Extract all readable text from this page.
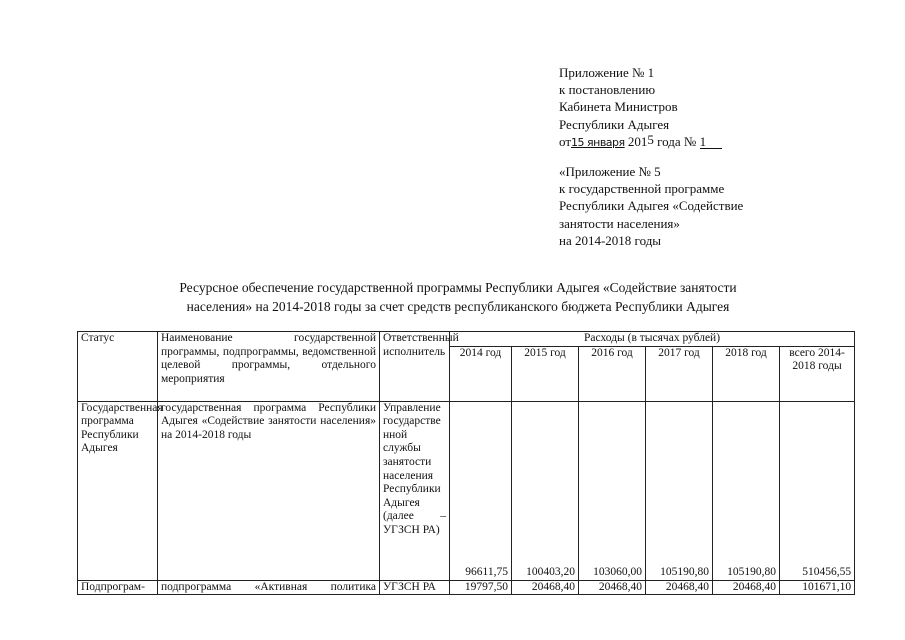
Приложение № 1
к постановлению
Кабинета Министров
Республики Адыгея
от15 января 2015 года № 1
«Приложение № 5
к государственной программе
Республики Адыгея «Содействие
занятости населения»
на 2014-2018 годы
Ресурсное обеспечение государственной программы Республики Адыгея «Содействие занятости
населения» на 2014-2018 годы за счет средств республиканского бюджета Республики Адыгея
Статус	Наименование государственной программы, подпрограммы, ведомственной целевой программы, отдельного мероприятия	Ответственный исполнитель	Расходы (в тысячах рублей)					
			2014 год	2015 год	2016 год	2017 год	2018 год	всего 2014-2018 годы
Государственная программа Республики Адыгея	государственная программа Республики Адыгея «Содействие занятости населения» на 2014-2018 годы	Управление государственной службы занятости населения Республики Адыгея (далее – УГЗСН РА)	96611,75	100403,20	103060,00	105190,80	105190,80	510456,55
Подпрограм-	подпрограмма «Активная политика	УГЗСН РА	19797,50	20468,40	20468,40	20468,40	20468,40	101671,10
